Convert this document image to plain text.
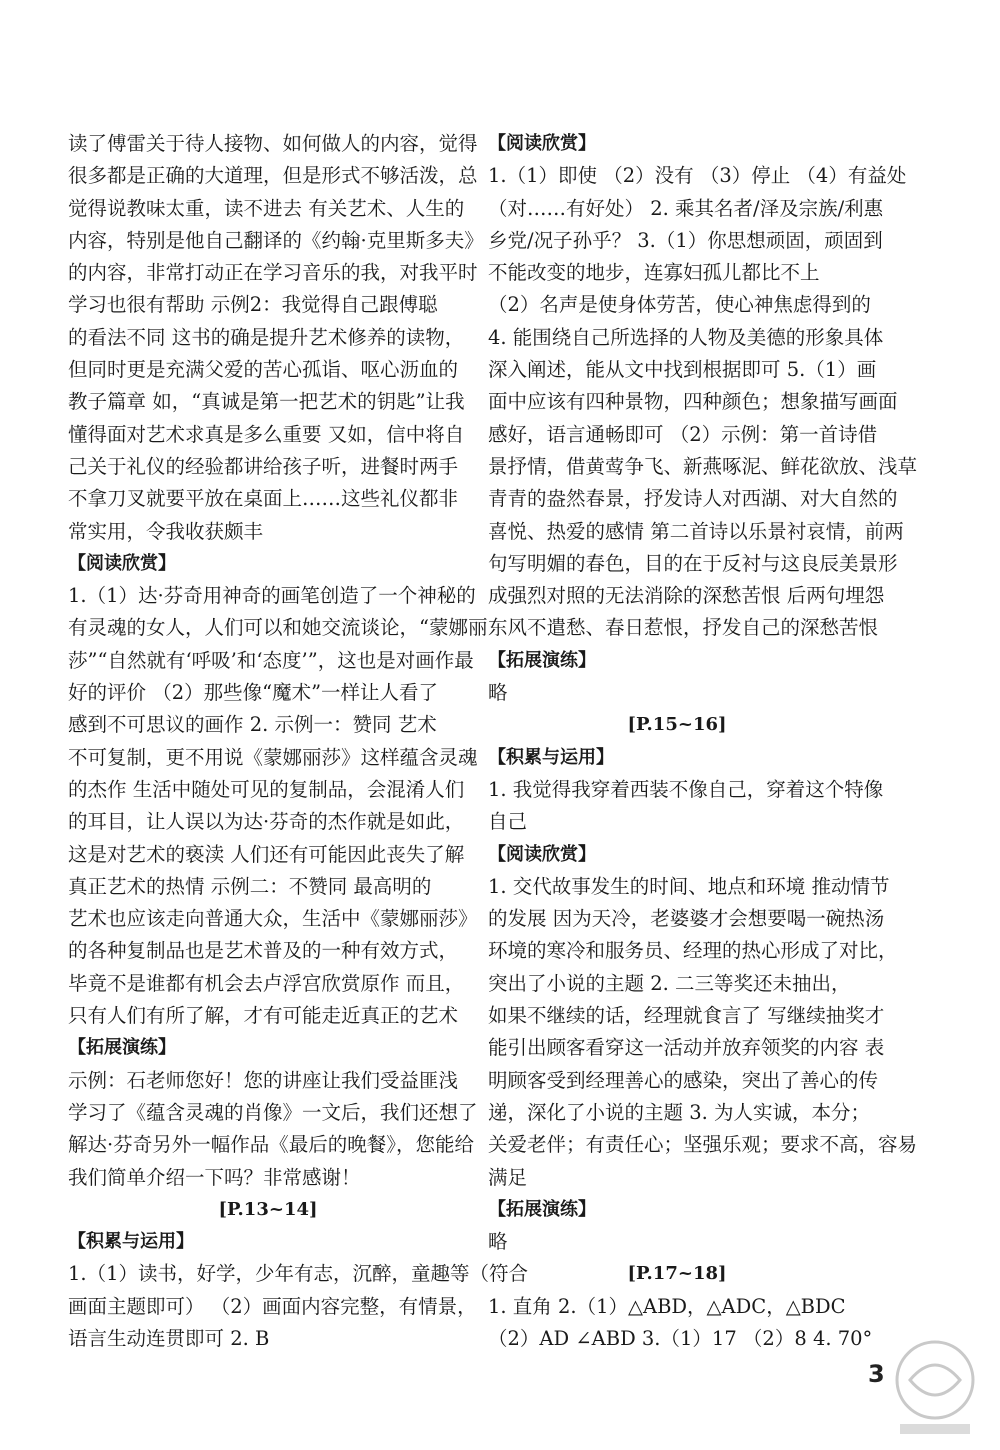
读了傅雷关于待人接物、如何做人的内容，觉得
很多都是正确的大道理，但是形式不够活泼，总
觉得说教味太重，读不进去 有关艺术、人生的
内容，特别是他自己翻译的《约翰·克里斯多夫》
的内容，非常打动正在学习音乐的我，对我平时
学习也很有帮助 示例2：我觉得自己跟傅聪
的看法不同 这书的确是提升艺术修养的读物，
但同时更是充满父爱的苦心孤诣、呕心沥血的
教子篇章 如，“真诚是第一把艺术的钥匙”让我
懂得面对艺术求真是多么重要 又如，信中将自
己关于礼仪的经验都讲给孩子听，进餐时两手
不拿刀叉就要平放在桌面上……这些礼仪都非
常实用，令我收获颇丰
【阅读欣赏】
1.（1）达·芬奇用神奇的画笔创造了一个神秘的
有灵魂的女人，人们可以和她交流谈论，“蒙娜丽
莎”“自然就有‘呼吸’和‘态度’”，这也是对画作最
好的评价 （2）那些像“魔术”一样让人看了
感到不可思议的画作 2. 示例一：赞同 艺术
不可复制，更不用说《蒙娜丽莎》这样蕴含灵魂
的杰作 生活中随处可见的复制品，会混淆人们
的耳目，让人误以为达·芬奇的杰作就是如此，
这是对艺术的亵渎 人们还有可能因此丧失了解
真正艺术的热情 示例二：不赞同 最高明的
艺术也应该走向普通大众，生活中《蒙娜丽莎》
的各种复制品也是艺术普及的一种有效方式，
毕竟不是谁都有机会去卢浮宫欣赏原作 而且，
只有人们有所了解，才有可能走近真正的艺术
【拓展演练】
示例：石老师您好！您的讲座让我们受益匪浅
学习了《蕴含灵魂的肖像》一文后，我们还想了
解达·芬奇另外一幅作品《最后的晚餐》，您能给
我们简单介绍一下吗？非常感谢！
[P.13~14]
【积累与运用】
1.（1）读书，好学，少年有志，沉醉，童趣等（符合
画面主题即可） （2）画面内容完整，有情景，
语言生动连贯即可 2. B
【阅读欣赏】
1.（1）即使 （2）没有 （3）停止 （4）有益处
（对……有好处） 2. 乘其名者/泽及宗族/利惠
乡党/况子孙乎？ 3.（1）你思想顽固，顽固到
不能改变的地步，连寡妇孤儿都比不上
（2）名声是使身体劳苦，使心神焦虑得到的
4. 能围绕自己所选择的人物及美德的形象具体
深入阐述，能从文中找到根据即可 5.（1）画
面中应该有四种景物，四种颜色；想象描写画面
感好，语言通畅即可 （2）示例：第一首诗借
景抒情，借黄莺争飞、新燕啄泥、鲜花欲放、浅草
青青的盎然春景，抒发诗人对西湖、对大自然的
喜悦、热爱的感情 第二首诗以乐景衬哀情，前两
句写明媚的春色，目的在于反衬与这良辰美景形
成强烈对照的无法消除的深愁苦恨 后两句埋怨
东风不遣愁、春日惹恨，抒发自己的深愁苦恨
【拓展演练】
略
[P.15~16]
【积累与运用】
1. 我觉得我穿着西装不像自己，穿着这个特像
自己
【阅读欣赏】
1. 交代故事发生的时间、地点和环境 推动情节
的发展 因为天冷，老婆婆才会想要喝一碗热汤
环境的寒冷和服务员、经理的热心形成了对比，
突出了小说的主题 2. 二三等奖还未抽出，
如果不继续的话，经理就食言了 写继续抽奖才
能引出顾客看穿这一活动并放弃领奖的内容 表
明顾客受到经理善心的感染，突出了善心的传
递，深化了小说的主题 3. 为人实诚，本分；
关爱老伴；有责任心；坚强乐观；要求不高，容易
满足
【拓展演练】
略
[P.17~18]
1. 直角 2.（1）△ABD，△ADC，△BDC
（2）AD ∠ABD 3.（1）17 （2）8 4. 70°
3
